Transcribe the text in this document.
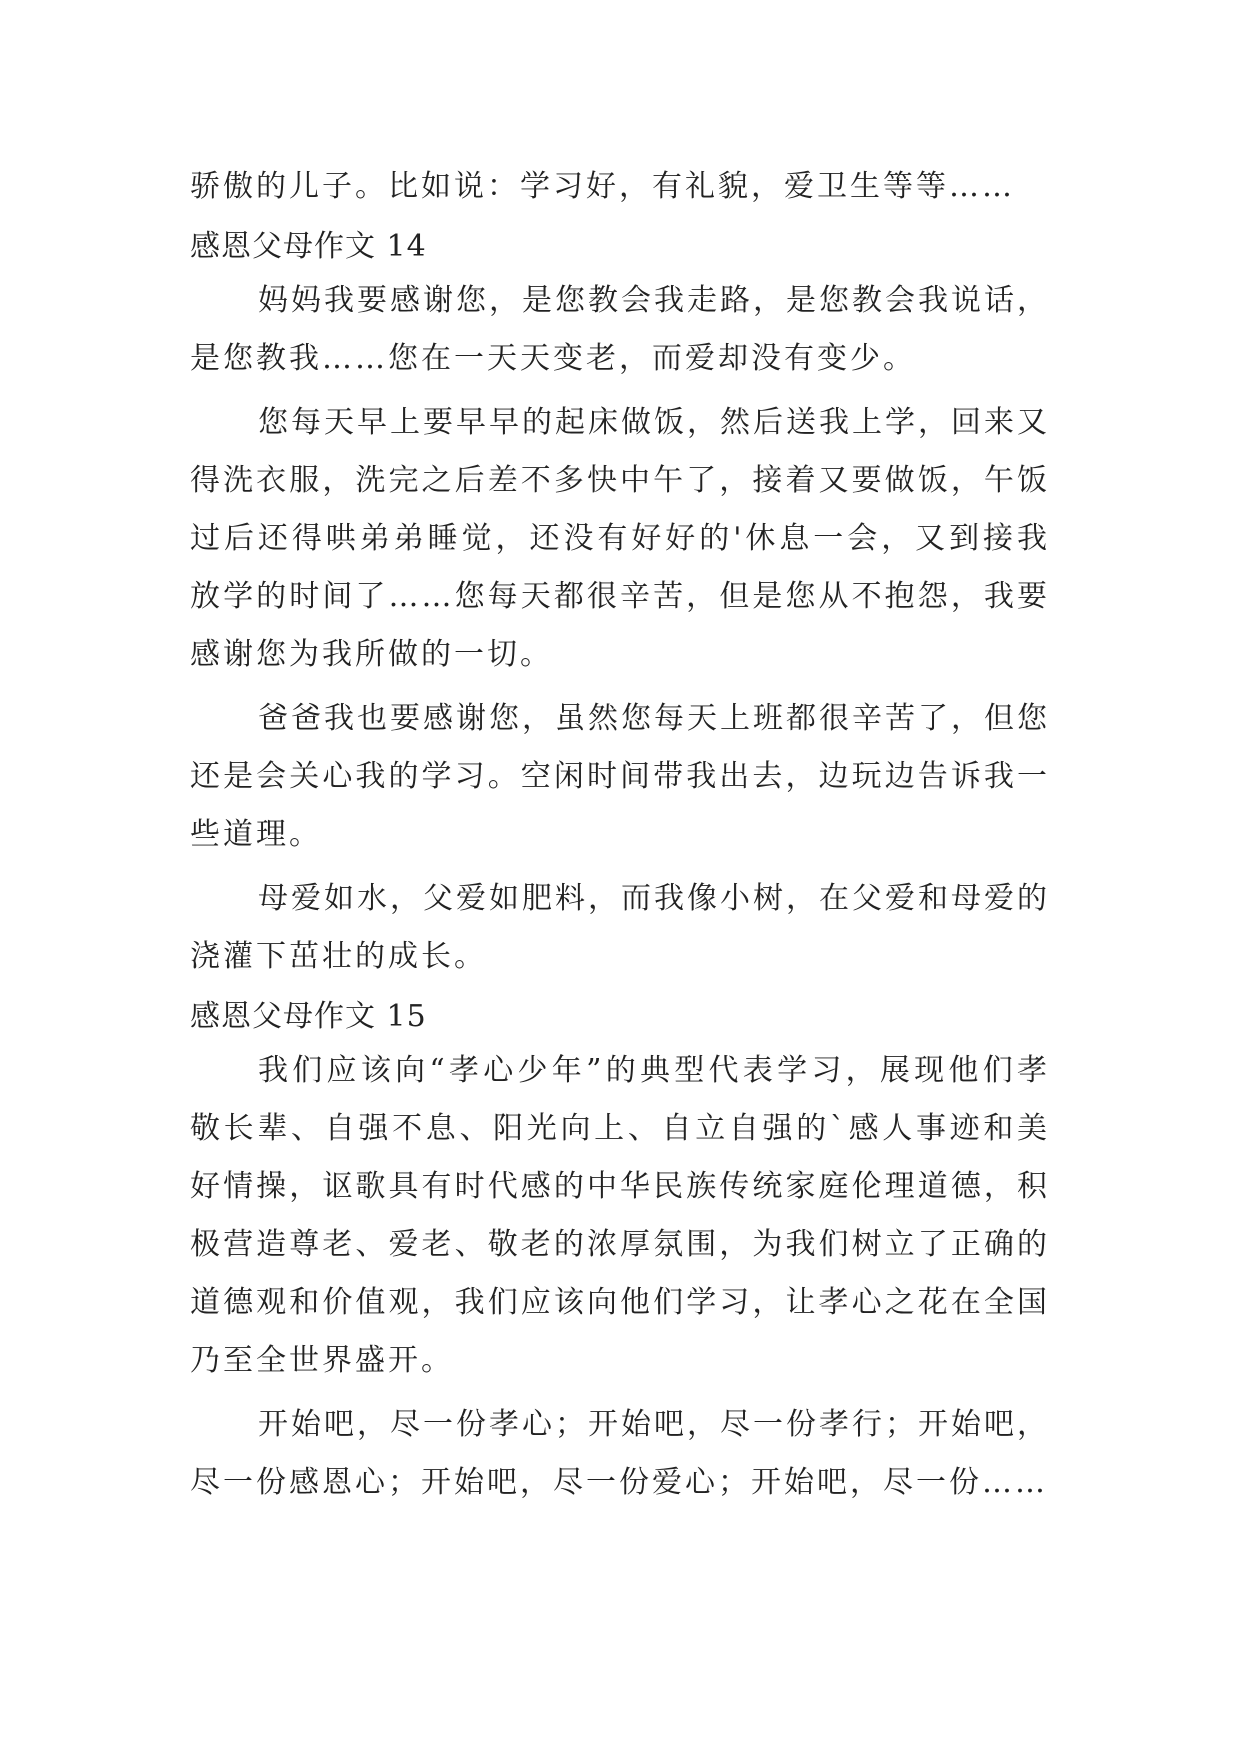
骄傲的儿子。比如说：学习好，有礼貌，爱卫生等等……

感恩父母作文 14

妈妈我要感谢您，是您教会我走路，是您教会我说话，是您教我……您在一天天变老，而爱却没有变少。

您每天早上要早早的起床做饭，然后送我上学，回来又得洗衣服，洗完之后差不多快中午了，接着又要做饭，午饭过后还得哄弟弟睡觉，还没有好好的'休息一会，又到接我放学的时间了……您每天都很辛苦，但是您从不抱怨，我要感谢您为我所做的一切。

爸爸我也要感谢您，虽然您每天上班都很辛苦了，但您还是会关心我的学习。空闲时间带我出去，边玩边告诉我一些道理。

母爱如水，父爱如肥料，而我像小树，在父爱和母爱的浇灌下茁壮的成长。

感恩父母作文 15

我们应该向“孝心少年”的典型代表学习，展现他们孝敬长辈、自强不息、阳光向上、自立自强的`感人事迹和美好情操，讴歌具有时代感的中华民族传统家庭伦理道德，积极营造尊老、爱老、敬老的浓厚氛围，为我们树立了正确的道德观和价值观，我们应该向他们学习，让孝心之花在全国乃至全世界盛开。

开始吧，尽一份孝心；开始吧，尽一份孝行；开始吧，尽一份感恩心；开始吧，尽一份爱心；开始吧，尽一份……
